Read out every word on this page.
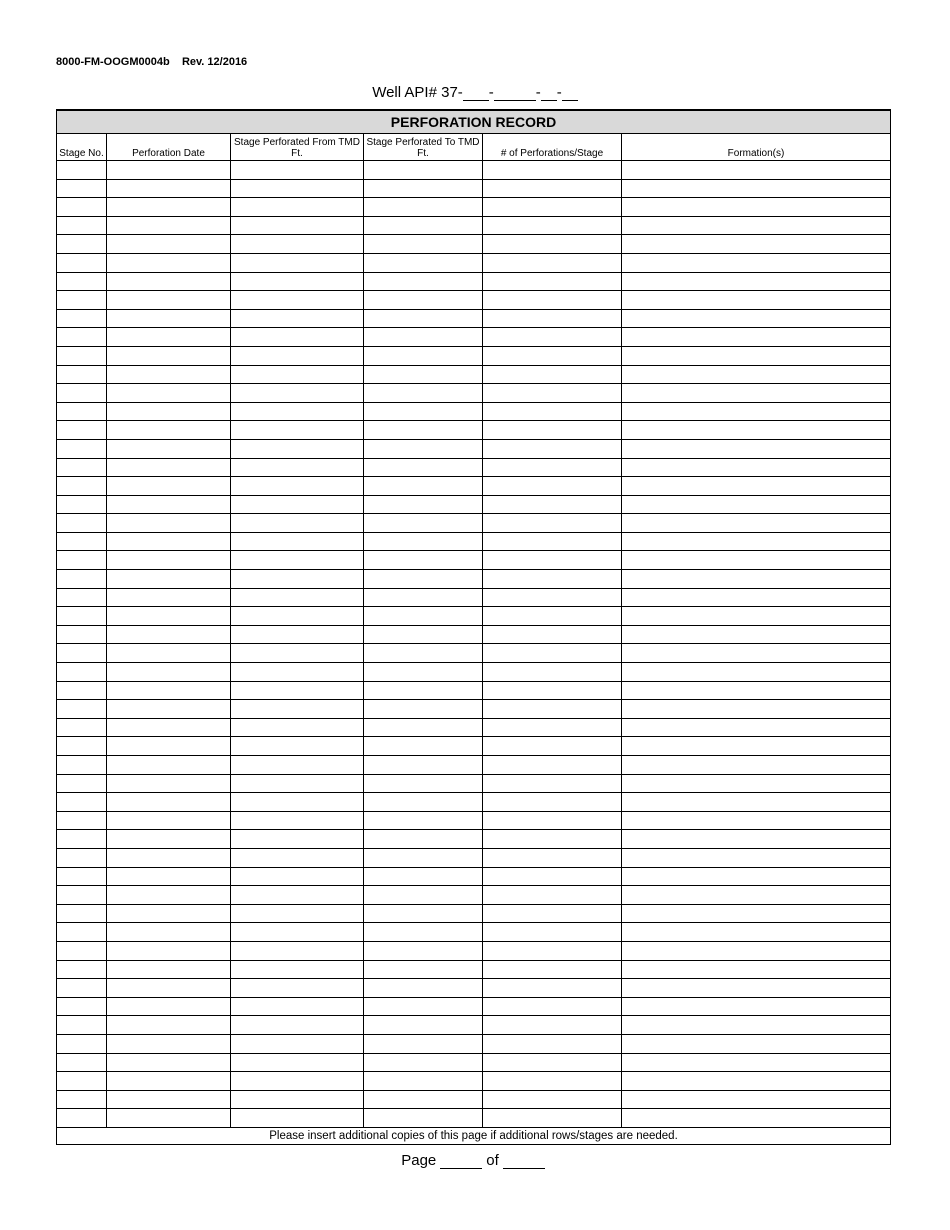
8000-FM-OOGM0004b Rev. 12/2016
Well API# 37- -	- -
PERFORATION RECORD					
Stage No.	Perforation Date	Stage Perforated From TMD Ft.	Stage Perforated To TMD Ft.	# of Perforations/Stage	Formation(s)

Please insert additional copies of this page if additional rows/stages are needed.					
Page	of
